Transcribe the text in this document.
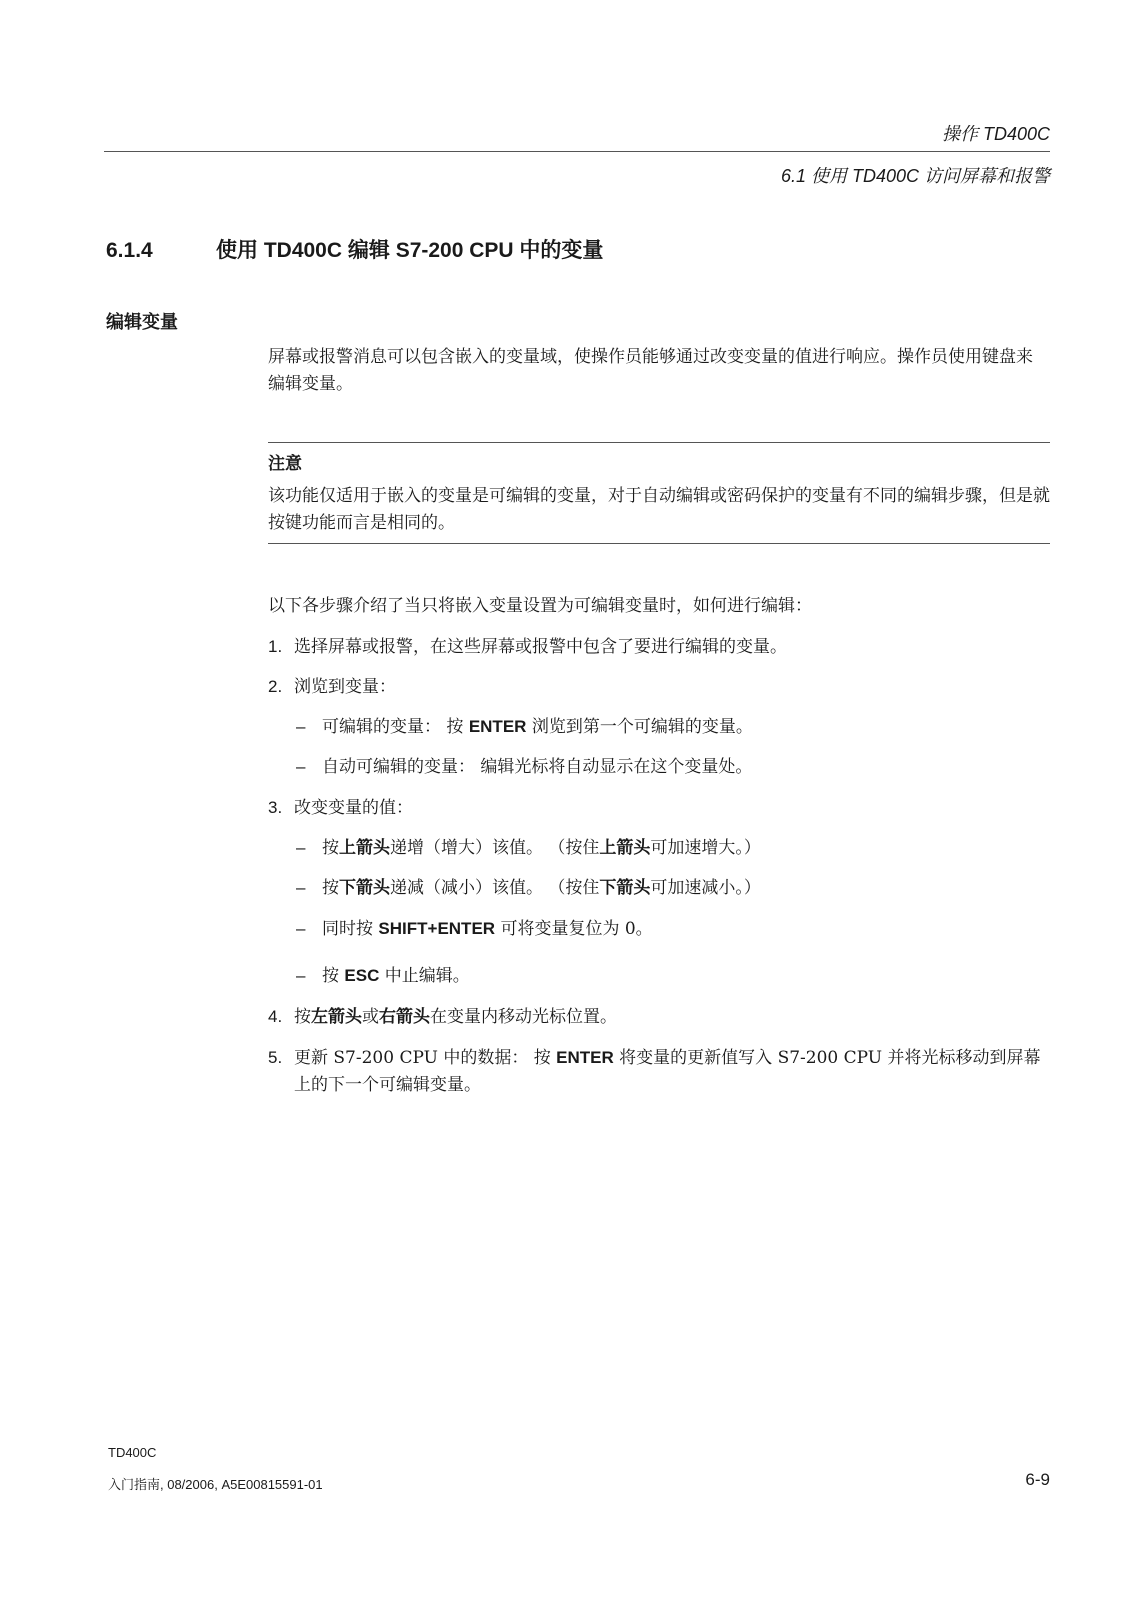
操作 TD400C
6.1 使用 TD400C 访问屏幕和报警
6.1.4	使用 TD400C 编辑 S7-200 CPU 中的变量
编辑变量
屏幕或报警消息可以包含嵌入的变量域，使操作员能够通过改变变量的值进行响应。操作员使用键盘来编辑变量。
注意
该功能仅适用于嵌入的变量是可编辑的变量，对于自动编辑或密码保护的变量有不同的编辑步骤，但是就按键功能而言是相同的。
以下各步骤介绍了当只将嵌入变量设置为可编辑变量时，如何进行编辑：
1. 选择屏幕或报警，在这些屏幕或报警中包含了要进行编辑的变量。
2. 浏览到变量：
– 可编辑的变量： 按 ENTER 浏览到第一个可编辑的变量。
– 自动可编辑的变量： 编辑光标将自动显示在这个变量处。
3. 改变变量的值：
– 按上箭头递增（增大）该值。 （按住上箭头可加速增大。）
– 按下箭头递减（减小）该值。 （按住下箭头可加速减小。）
– 同时按 SHIFT+ENTER 可将变量复位为 0。
– 按 ESC 中止编辑。
4. 按左箭头或右箭头在变量内移动光标位置。
5. 更新 S7-200 CPU 中的数据： 按 ENTER 将变量的更新值写入 S7-200 CPU 并将光标移动到屏幕上的下一个可编辑变量。
TD400C
入门指南, 08/2006, A5E00815591-01	6-9
